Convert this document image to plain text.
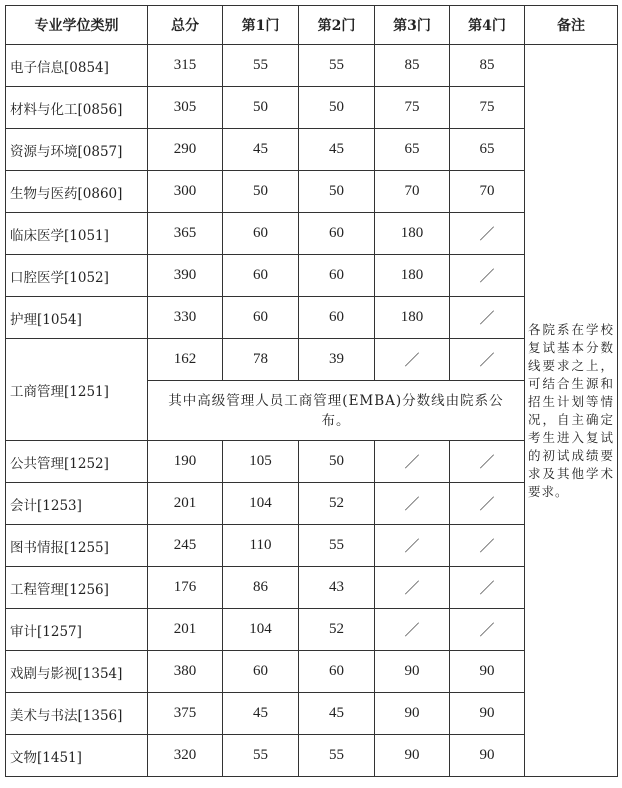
专业学位类别	总分	第1门	第2门	第3门	第4门	备注
电子信息[0854]	315	55	55	85	85	各院系在学校复试基本分数线要求之上，可结合生源和招生计划等情况，自主确定考生进入复试的初试成绩要求及其他学术要求。
材料与化工[0856]	305	50	50	75	75	
资源与环境[0857]	290	45	45	65	65	
生物与医药[0860]	300	50	50	70	70	
临床医学[1051]	365	60	60	180	／	
口腔医学[1052]	390	60	60	180	／	
护理[1054]	330	60	60	180	／	
工商管理[1251]	162	78	39	／	／	
	其中高级管理人员工商管理(EMBA)分数线由院系公布。					
公共管理[1252]	190	105	50	／	／	
会计[1253]	201	104	52	／	／	
图书情报[1255]	245	110	55	／	／	
工程管理[1256]	176	86	43	／	／	
审计[1257]	201	104	52	／	／	
戏剧与影视[1354]	380	60	60	90	90	
美术与书法[1356]	375	45	45	90	90	
文物[1451]	320	55	55	90	90	
